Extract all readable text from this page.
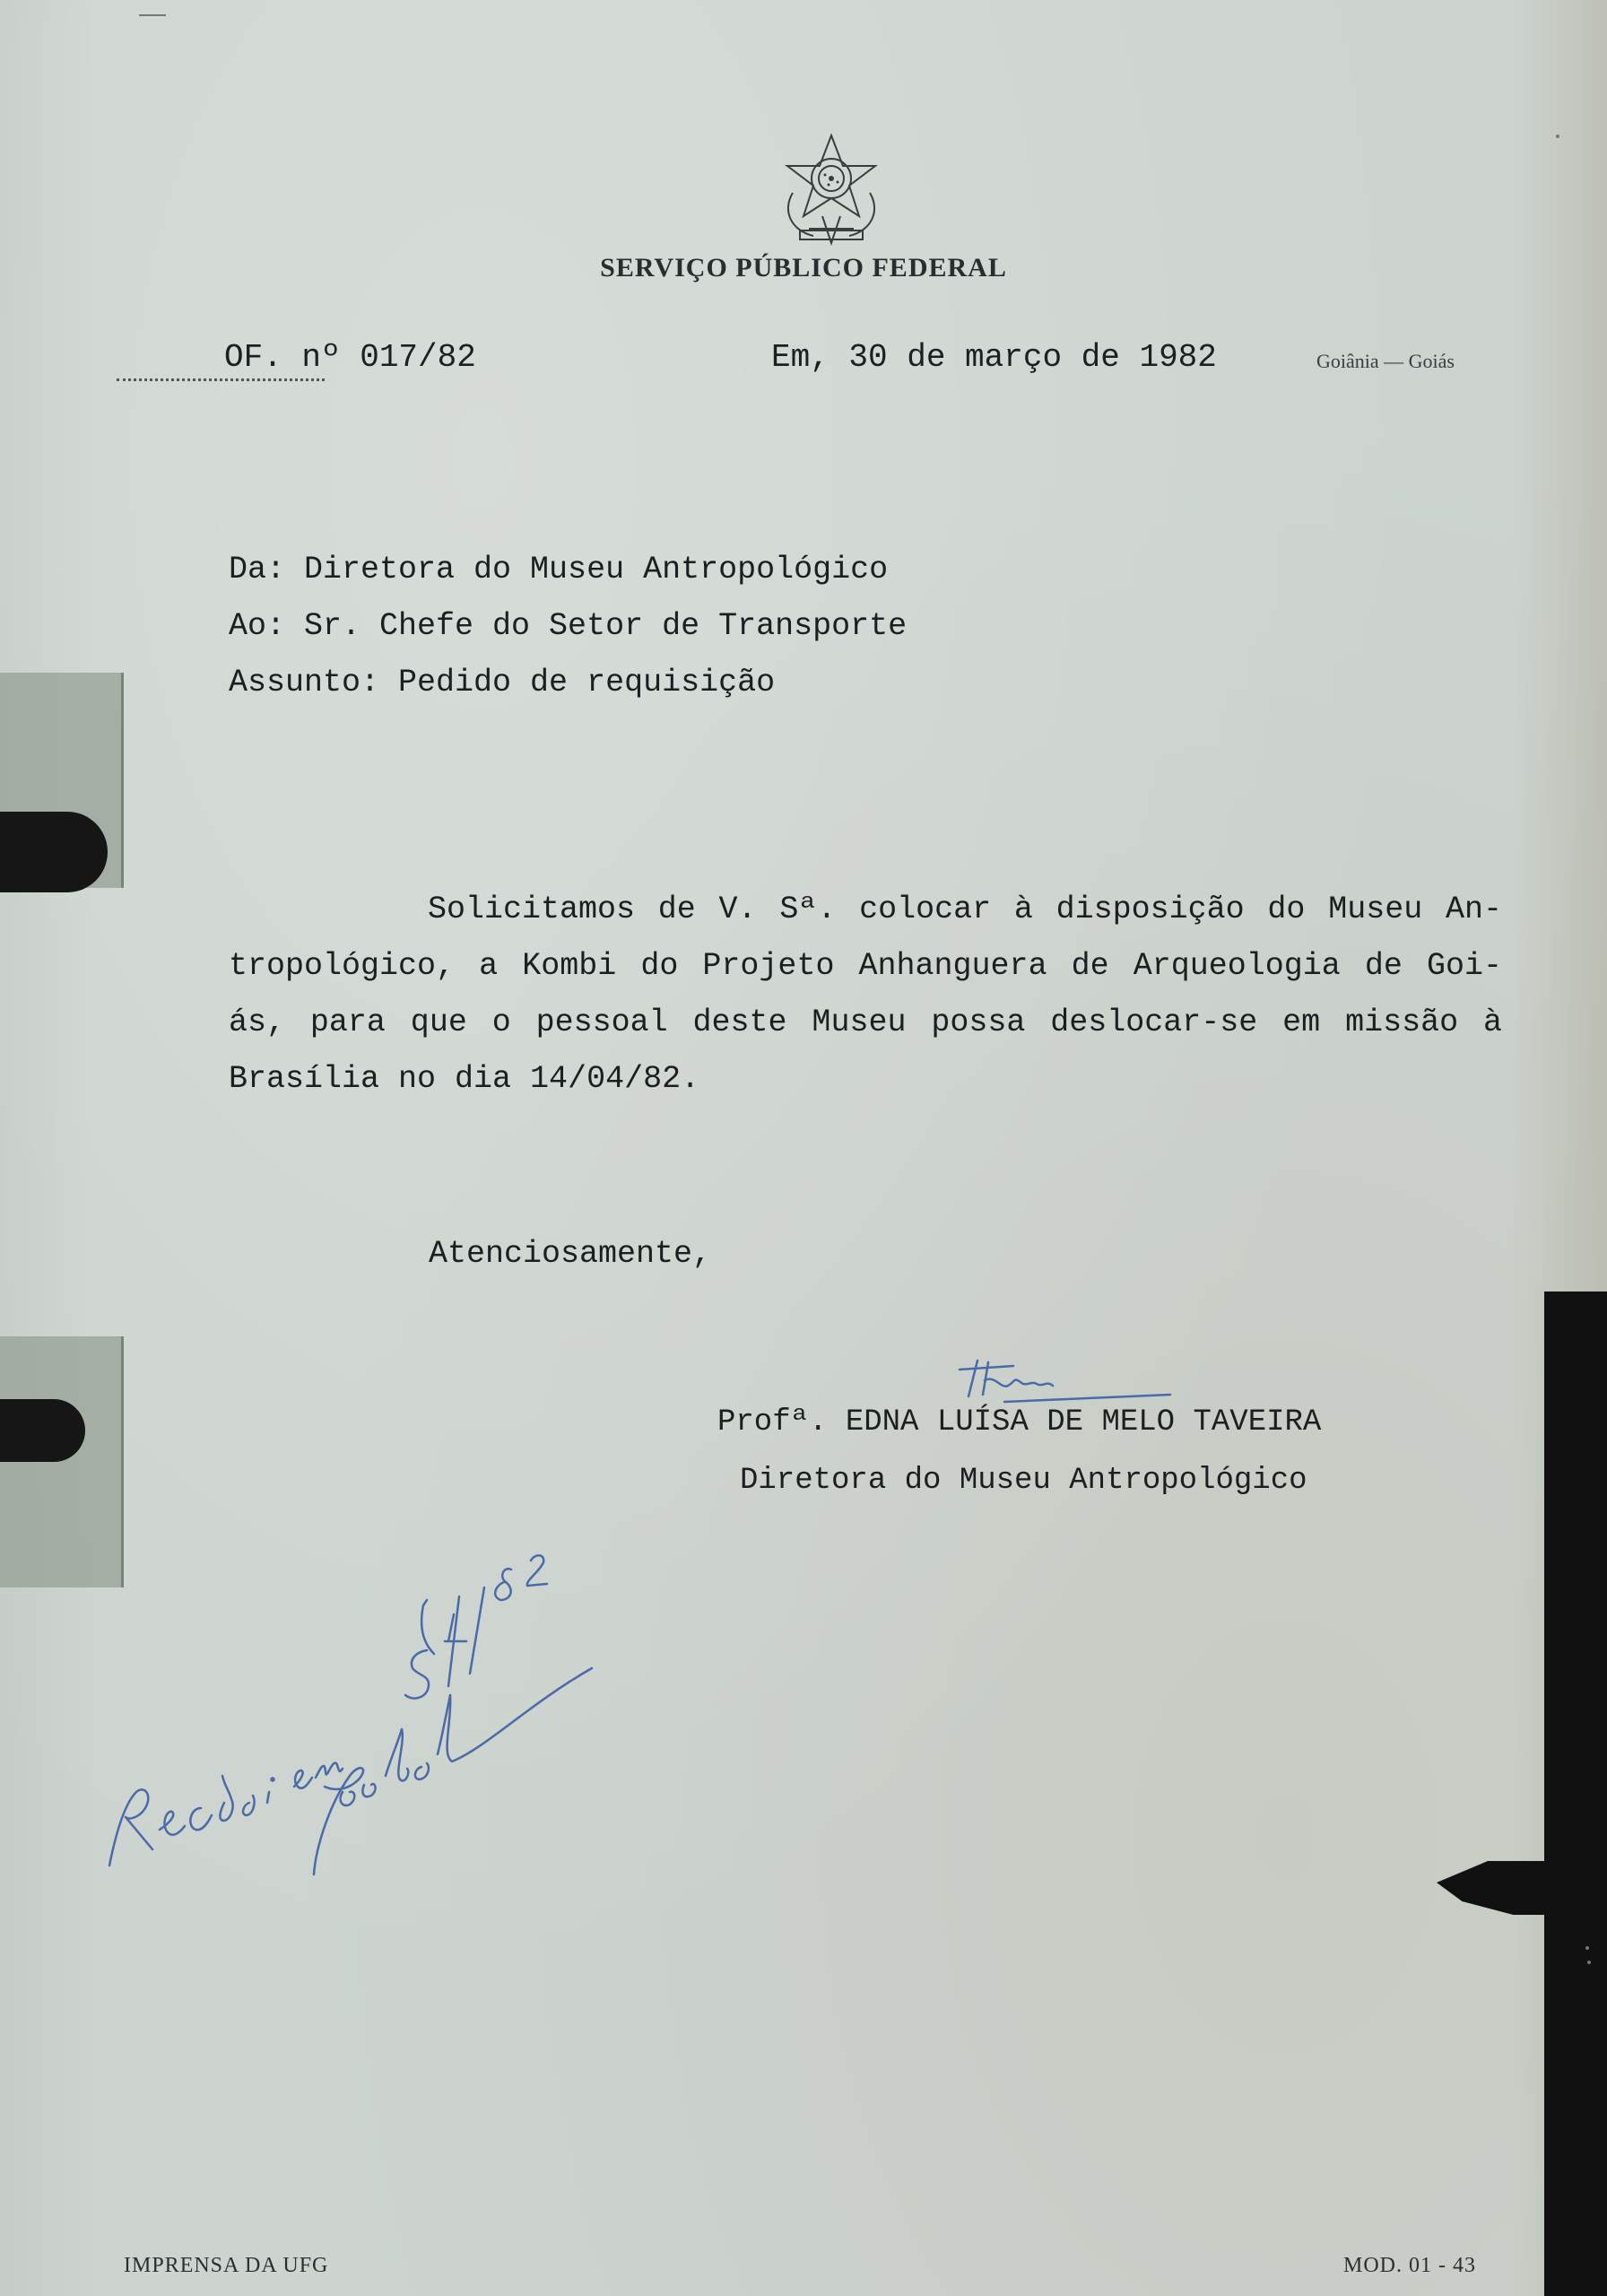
SERVIÇO PÚBLICO FEDERAL
OF. nº 017/82	Em, 30 de março de 1982	Goiânia — Goiás
Da: Diretora do Museu Antropológico
Ao: Sr. Chefe do Setor de Transporte
Assunto: Pedido de requisição
Solicitamos de V. Sª. colocar à disposição do Museu An-
tropológico, a Kombi do Projeto Anhanguera de Arqueologia de Goi-
ás, para que o pessoal deste Museu possa deslocar-se em missão à
Brasília no dia 14/04/82.
Atenciosamente,
Profª. EDNA LUÍSA DE MELO TAVEIRA
Diretora do Museu Antropológico
IMPRENSA DA UFG	MOD. 01 - 43
